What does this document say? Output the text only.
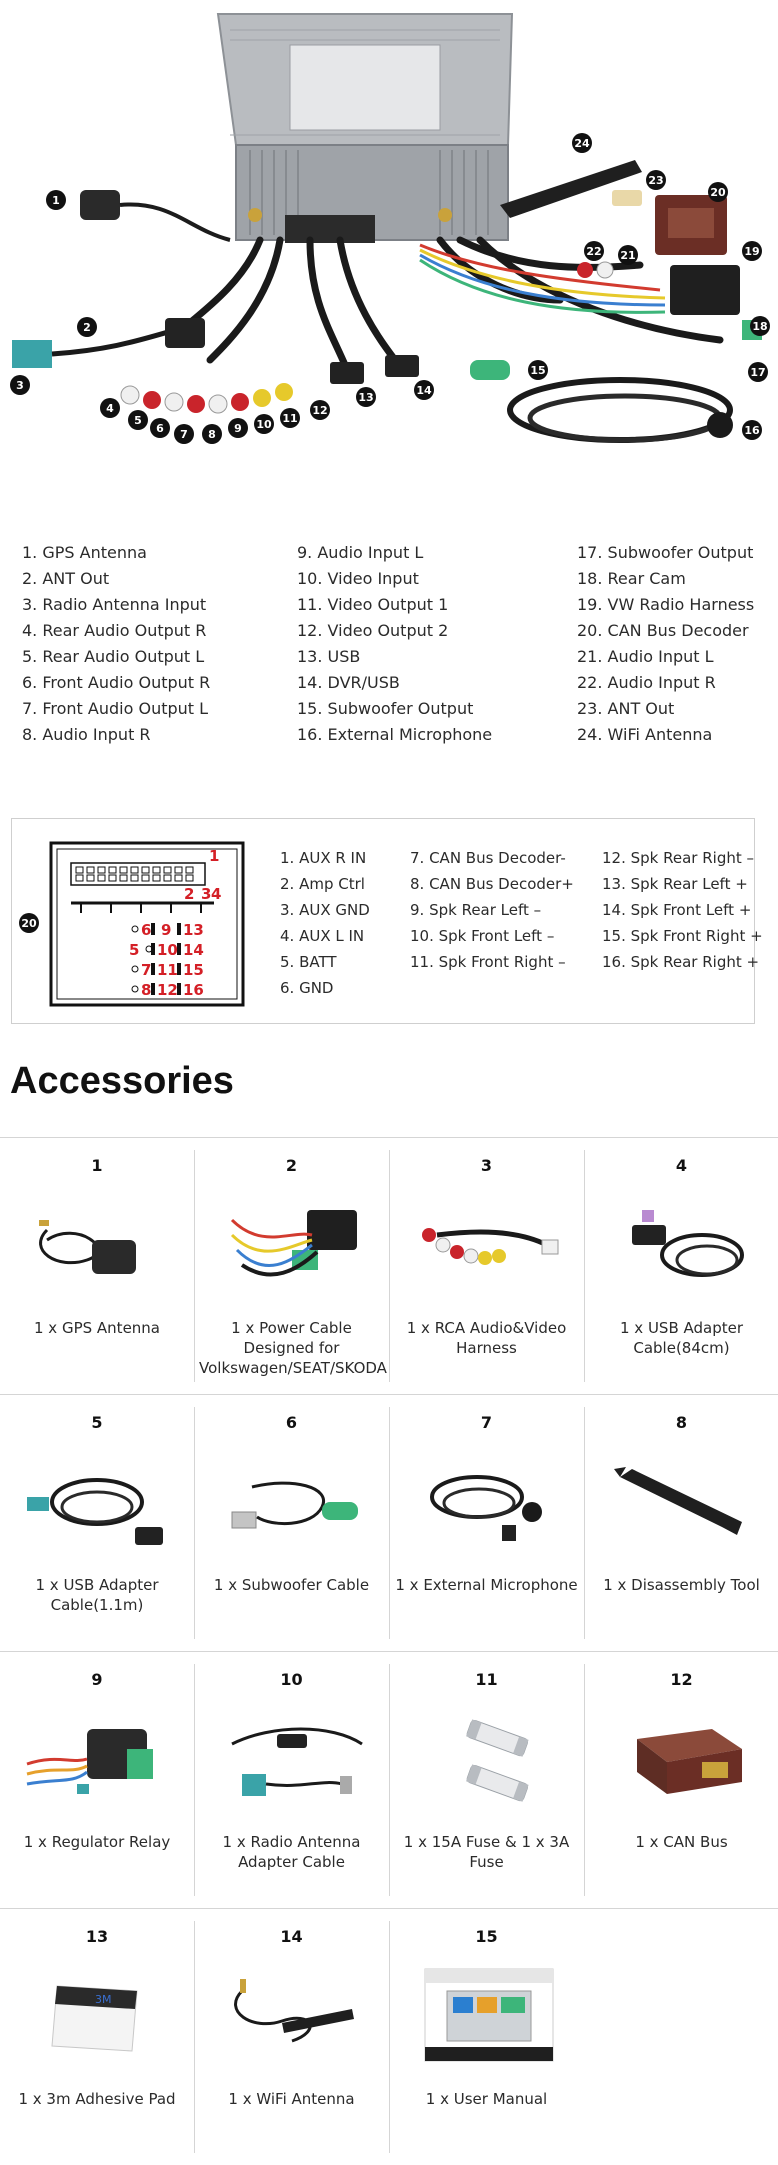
1
2
3
4
5
6	7	8	9	10 11
12
13
14
15
16
17
18
19
20
21
22
23
24
1. GPS Antenna
2. ANT Out
3. Radio Antenna Input
4. Rear Audio Output R
5. Rear Audio Output L
6. Front Audio Output R
7. Front Audio Output L
8. Audio Input R
9. Audio Input L
10. Video Input
11. Video Output 1
12. Video Output 2
13. USB
14. DVR/USB
15. Subwoofer Output
16. External Microphone
17. Subwoofer Output
18. Rear Cam
19. VW Radio Harness
20. CAN Bus Decoder
21. Audio Input L
22. Audio Input R
23. ANT Out
24. WiFi Antenna
20
1
2 3 4
5
6
7
8
9
10
11
12
13
14
15
16
1. AUX R IN
2. Amp Ctrl
3. AUX GND
4. AUX L IN
5. BATT
6. GND
7. CAN Bus Decoder-
8. CAN Bus Decoder+
9. Spk Rear Left –
10. Spk Front Left –
11. Spk Front Right –
12. Spk Rear Right –
13. Spk Rear Left +
14. Spk Front Left +
15. Spk Front Right +
16. Spk Rear Right +
Accessories
1
1 x GPS Antenna
2
1 x Power Cable Designed for Volkswagen/SEAT/SKODA
3
1 x RCA Audio&Video Harness
4
1 x USB Adapter Cable(84cm)
5
1 x USB Adapter Cable(1.1m)
6
1 x Subwoofer Cable
7
1 x External Microphone
8
1 x Disassembly Tool
9
1 x Regulator Relay
10
1 x Radio Antenna Adapter Cable
11
1 x 15A Fuse & 1 x 3A Fuse
12
1 x CAN Bus
13
3M
1 x 3m Adhesive Pad
14
1 x WiFi Antenna
15
1 x User Manual
